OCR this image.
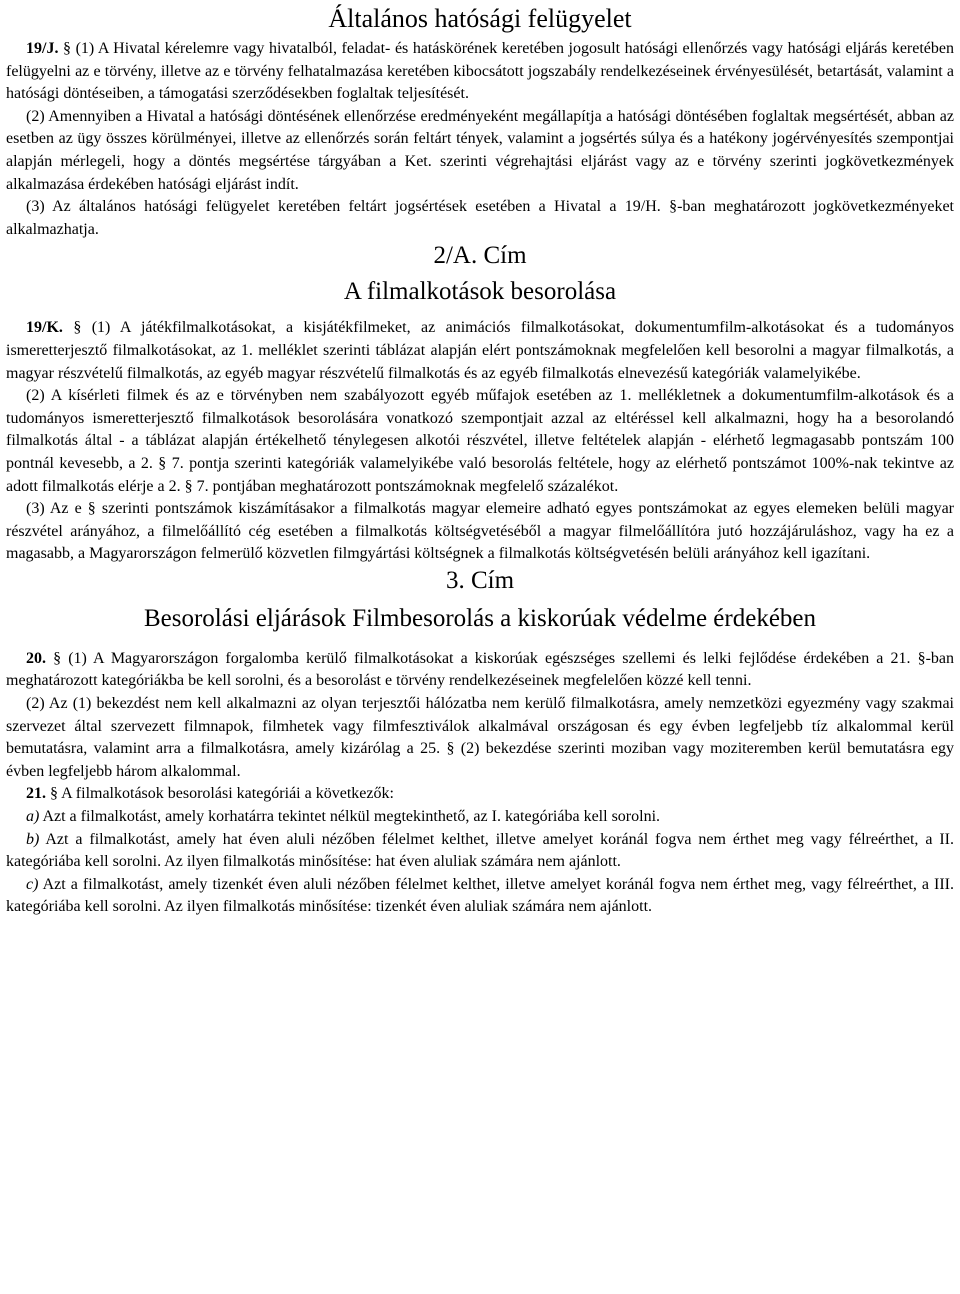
Általános hatósági felügyelet

19/J. § (1) A Hivatal kérelemre vagy hivatalból, feladat- és hatáskörének keretében jogosult hatósági ellenőrzés vagy hatósági eljárás keretében felügyelni az e törvény, illetve az e törvény felhatalmazása keretében kibocsátott jogszabály rendelkezéseinek érvényesülését, betartását, valamint a hatósági döntéseiben, a támogatási szerződésekben foglaltak teljesítését.

(2) Amennyiben a Hivatal a hatósági döntésének ellenőrzése eredményeként megállapítja a hatósági döntésében foglaltak megsértését, abban az esetben az ügy összes körülményei, illetve az ellenőrzés során feltárt tények, valamint a jogsértés súlya és a hatékony jogérvényesítés szempontjai alapján mérlegeli, hogy a döntés megsértése tárgyában a Ket. szerinti végrehajtási eljárást vagy az e törvény szerinti jogkövetkezmények alkalmazása érdekében hatósági eljárást indít.

(3) Az általános hatósági felügyelet keretében feltárt jogsértések esetében a Hivatal a 19/H. §-ban meghatározott jogkövetkezményeket alkalmazhatja.

2/A. Cím
A filmalkotások besorolása

19/K. § (1) A játékfilmalkotásokat, a kisjátékfilmeket, az animációs filmalkotásokat, dokumentumfilm-alkotásokat és a tudományos ismeretterjesztő filmalkotásokat, az 1. melléklet szerinti táblázat alapján elért pontszámoknak megfelelően kell besorolni a magyar filmalkotás, a magyar részvételű filmalkotás, az egyéb magyar részvételű filmalkotás és az egyéb filmalkotás elnevezésű kategóriák valamelyikébe.

(2) A kísérleti filmek és az e törvényben nem szabályozott egyéb műfajok esetében az 1. mellékletnek a dokumentumfilm-alkotások és a tudományos ismeretterjesztő filmalkotások besorolására vonatkozó szempontjait azzal az eltéréssel kell alkalmazni, hogy ha a besorolandó filmalkotás által - a táblázat alapján értékelhető ténylegesen alkotói részvétel, illetve feltételek alapján - elérhető legmagasabb pontszám 100 pontnál kevesebb, a 2. § 7. pontja szerinti kategóriák valamelyikébe való besorolás feltétele, hogy az elérhető pontszámot 100%-nak tekintve az adott filmalkotás elérje a 2. § 7. pontjában meghatározott pontszámoknak megfelelő százalékot.

(3) Az e § szerinti pontszámok kiszámításakor a filmalkotás magyar elemeire adható egyes pontszámokat az egyes elemeken belüli magyar részvétel arányához, a filmelőállító cég esetében a filmalkotás költségvetéséből a magyar filmelőállítóra jutó hozzájáruláshoz, vagy ha ez a magasabb, a Magyarországon felmerülő közvetlen filmgyártási költségnek a filmalkotás költségvetésén belüli arányához kell igazítani.

3. Cím
Besorolási eljárások Filmbesorolás a kiskorúak védelme érdekében

20. § (1) A Magyarországon forgalomba kerülő filmalkotásokat a kiskorúak egészséges szellemi és lelki fejlődése érdekében a 21. §-ban meghatározott kategóriákba be kell sorolni, és a besorolást e törvény rendelkezéseinek megfelelően közzé kell tenni.

(2) Az (1) bekezdést nem kell alkalmazni az olyan terjesztői hálózatba nem kerülő filmalkotásra, amely nemzetközi egyezmény vagy szakmai szervezet által szervezett filmnapok, filmhetek vagy filmfesztiválok alkalmával országosan és egy évben legfeljebb tíz alkalommal kerül bemutatásra, valamint arra a filmalkotásra, amely kizárólag a 25. § (2) bekezdése szerinti moziban vagy moziteremben kerül bemutatásra egy évben legfeljebb három alkalommal.

21. § A filmalkotások besorolási kategóriái a következők:

a) Azt a filmalkotást, amely korhatárra tekintet nélkül megtekinthető, az I. kategóriába kell sorolni.

b) Azt a filmalkotást, amely hat éven aluli nézőben félelmet kelthet, illetve amelyet koránál fogva nem érthet meg vagy félreérthet, a II. kategóriába kell sorolni. Az ilyen filmalkotás minősítése: hat éven aluliak számára nem ajánlott.

c) Azt a filmalkotást, amely tizenkét éven aluli nézőben félelmet kelthet, illetve amelyet koránál fogva nem érthet meg, vagy félreérthet, a III. kategóriába kell sorolni. Az ilyen filmalkotás minősítése: tizenkét éven aluliak számára nem ajánlott.
